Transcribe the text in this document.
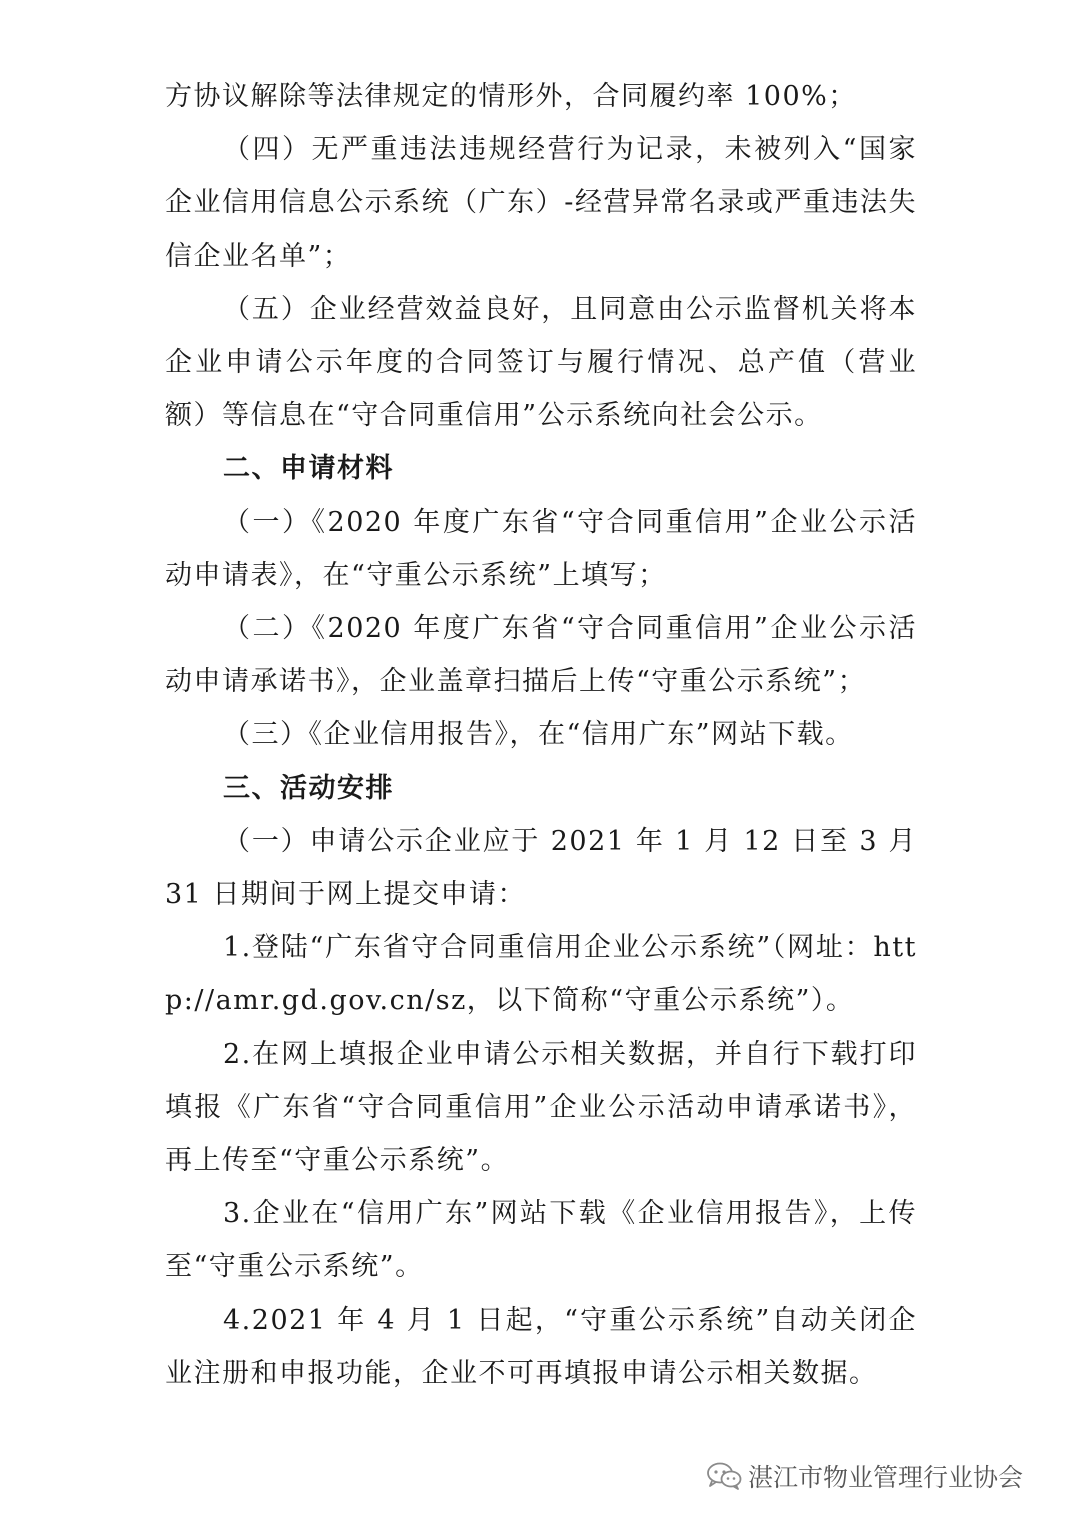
方协议解除等法律规定的情形外，合同履约率 100%；

（四）无严重违法违规经营行为记录，未被列入“国家企业信用信息公示系统（广东）-经营异常名录或严重违法失信企业名单”；

（五）企业经营效益良好，且同意由公示监督机关将本企业申请公示年度的合同签订与履行情况、总产值（营业额）等信息在“守合同重信用”公示系统向社会公示。

二、申请材料

（一）《2020 年度广东省“守合同重信用”企业公示活动申请表》，在“守重公示系统”上填写；

（二）《2020 年度广东省“守合同重信用”企业公示活动申请承诺书》，企业盖章扫描后上传“守重公示系统”；

（三）《企业信用报告》，在“信用广东”网站下载。

三、活动安排

（一）申请公示企业应于 2021 年 1 月 12 日至 3 月 31 日期间于网上提交申请：

1.登陆“广东省守合同重信用企业公示系统”（网址：http://amr.gd.gov.cn/sz，以下简称“守重公示系统”）。

2.在网上填报企业申请公示相关数据，并自行下载打印填报《广东省“守合同重信用”企业公示活动申请承诺书》，再上传至“守重公示系统”。

3.企业在“信用广东”网站下载《企业信用报告》，上传至“守重公示系统”。

4.2021 年 4 月 1 日起，“守重公示系统”自动关闭企业注册和申报功能，企业不可再填报申请公示相关数据。

湛江市物业管理行业协会
